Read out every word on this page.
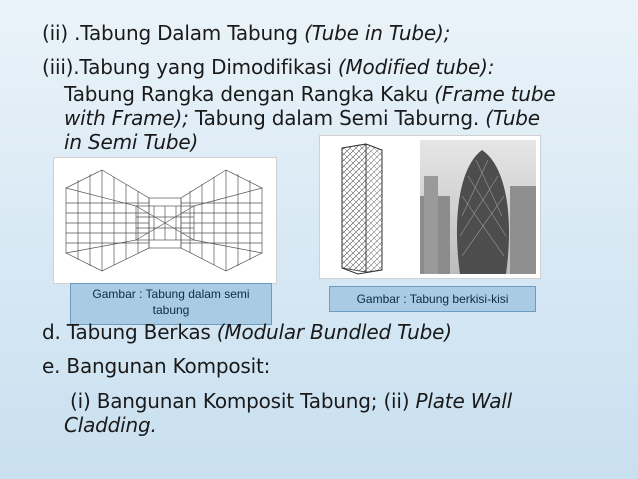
(ii) .Tabung Dalam Tabung (Tube in Tube);
(iii).Tabung yang Dimodifikasi (Modified tube):
Tabung Rangka dengan Rangka Kaku (Frame tube
with Frame); Tabung dalam Semi Taburng. (Tube
in Semi Tube)
Gambar : Tabung dalam semi
tabung
Gambar : Tabung berkisi-kisi
d. Tabung Berkas (Modular Bundled Tube)
e. Bangunan Komposit:
(i) Bangunan Komposit Tabung; (ii) Plate Wall
Cladding.
